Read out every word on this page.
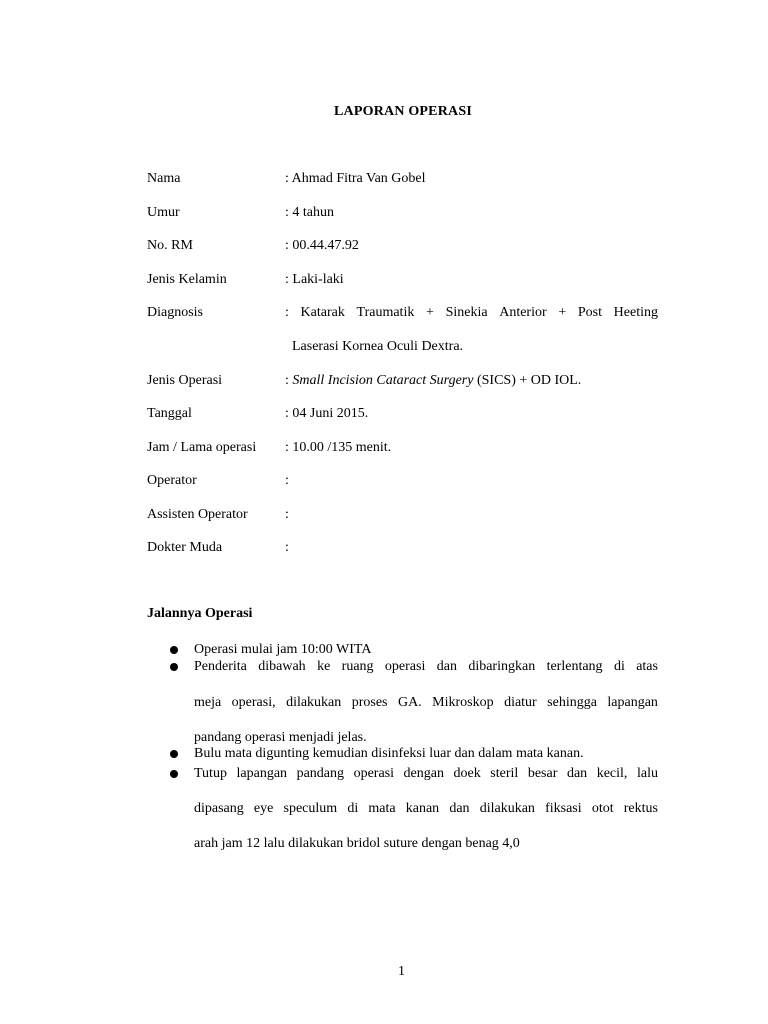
LAPORAN OPERASI
Nama	: Ahmad Fitra Van Gobel
Umur	: 4 tahun
No. RM	: 00.44.47.92
Jenis Kelamin	: Laki-laki
Diagnosis	: Katarak Traumatik + Sinekia Anterior + Post Heeting
Laserasi Kornea Oculi Dextra.
Jenis Operasi	: Small Incision Cataract Surgery (SICS) + OD IOL.
Tanggal	: 04 Juni 2015.
Jam / Lama operasi : 10.00 /135 menit.
Operator	:
Assisten Operator	:
Dokter Muda	:
Jalannya Operasi
Operasi mulai jam 10:00 WITA
Penderita dibawah ke ruang operasi dan dibaringkan terlentang di atas
meja operasi, dilakukan proses GA. Mikroskop diatur sehingga lapangan
pandang operasi menjadi jelas.
Bulu mata digunting kemudian disinfeksi luar dan dalam mata kanan.
Tutup lapangan pandang operasi dengan doek steril besar dan kecil, lalu
dipasang eye speculum di mata kanan dan dilakukan fiksasi otot rektus
arah jam 12 lalu dilakukan bridol suture dengan benag 4,0
1
